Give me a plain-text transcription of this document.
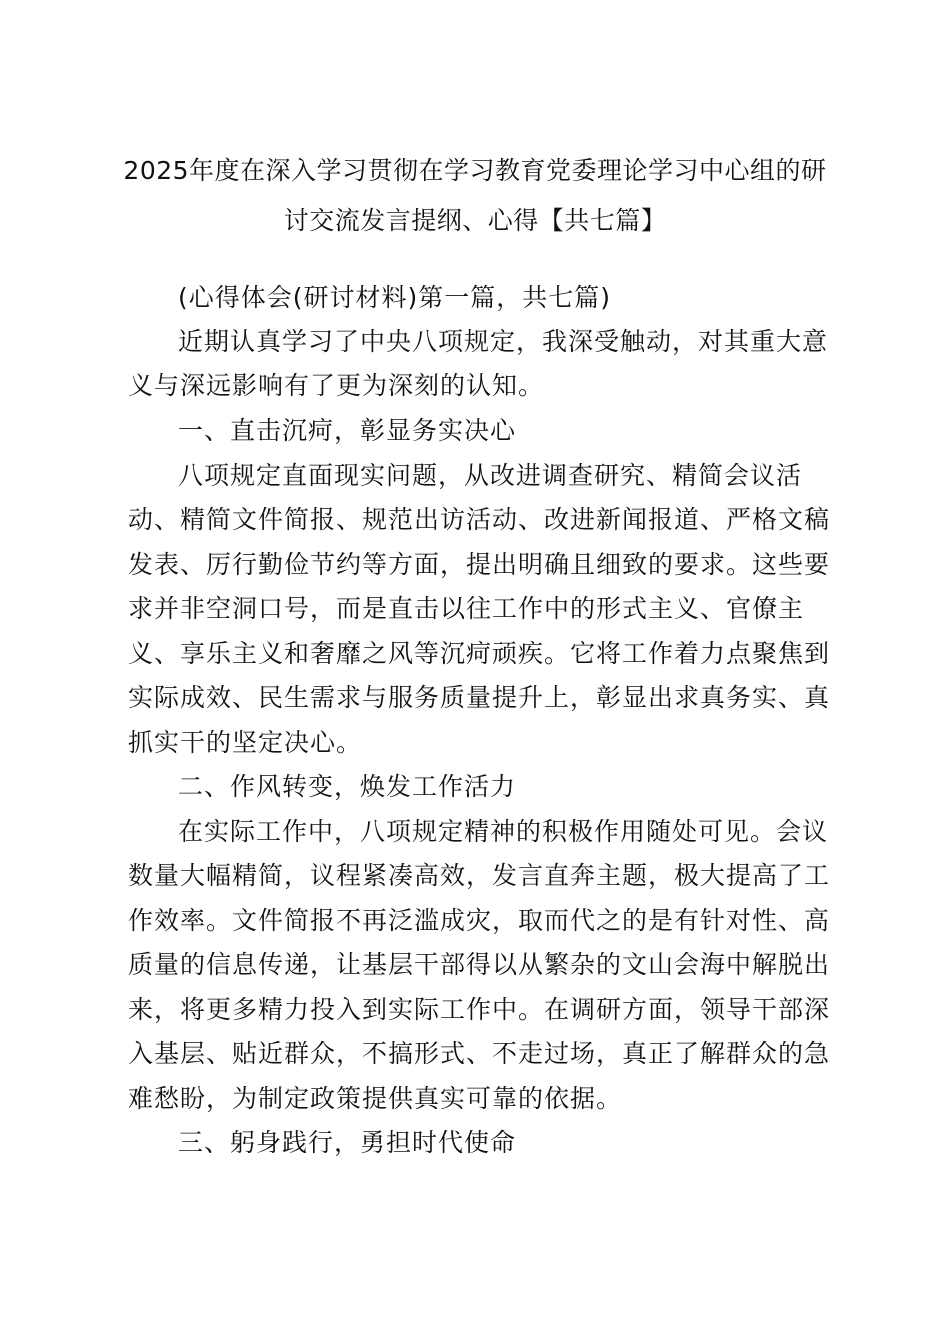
2025年度在深入学习贯彻在学习教育党委理论学习中心组的研
讨交流发言提纲、心得【共七篇】
(心得体会(研讨材料)第一篇，共七篇)
近期认真学习了中央八项规定，我深受触动，对其重大意
义与深远影响有了更为深刻的认知。
一、直击沉疴，彰显务实决心
八项规定直面现实问题，从改进调查研究、精简会议活
动、精简文件简报、规范出访活动、改进新闻报道、严格文稿
发表、厉行勤俭节约等方面，提出明确且细致的要求。这些要
求并非空洞口号，而是直击以往工作中的形式主义、官僚主
义、享乐主义和奢靡之风等沉疴顽疾。它将工作着力点聚焦到
实际成效、民生需求与服务质量提升上，彰显出求真务实、真
抓实干的坚定决心。
二、作风转变，焕发工作活力
在实际工作中，八项规定精神的积极作用随处可见。会议
数量大幅精简，议程紧凑高效，发言直奔主题，极大提高了工
作效率。文件简报不再泛滥成灾，取而代之的是有针对性、高
质量的信息传递，让基层干部得以从繁杂的文山会海中解脱出
来，将更多精力投入到实际工作中。在调研方面，领导干部深
入基层、贴近群众，不搞形式、不走过场，真正了解群众的急
难愁盼，为制定政策提供真实可靠的依据。
三、躬身践行，勇担时代使命
